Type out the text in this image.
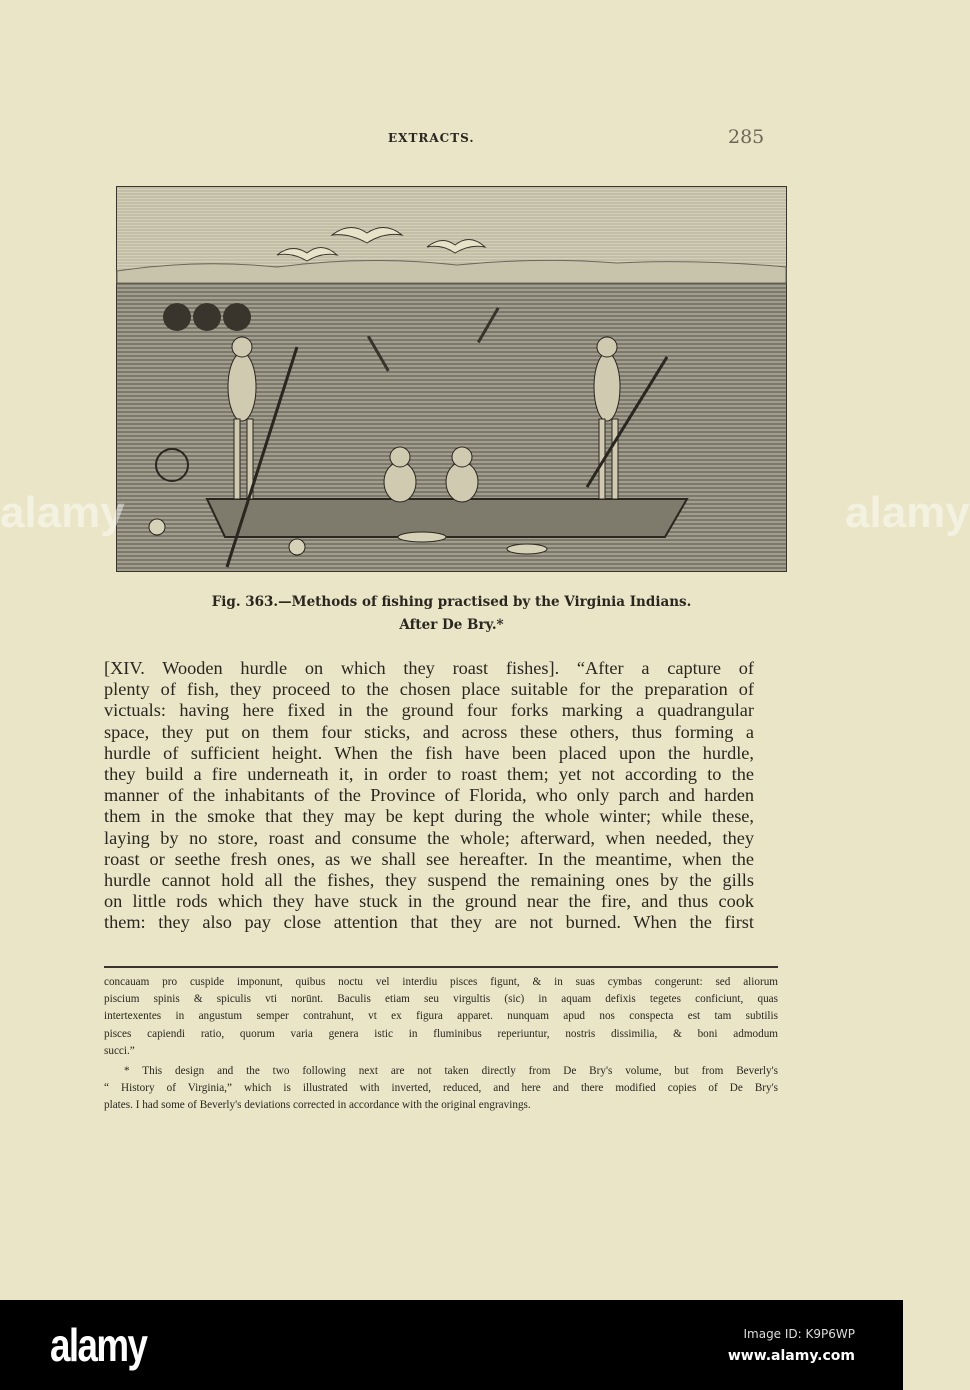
EXTRACTS.	285
Fig. 363.—Methods of fishing practised by the Virginia Indians.
After De Bry.*
[XIV. Wooden hurdle on which they roast fishes]. “After a capture of
plenty of fish, they proceed to the chosen place suitable for the preparation of
victuals: having here fixed in the ground four forks marking a quadrangular
space, they put on them four sticks, and across these others, thus forming a
hurdle of sufficient height. When the fish have been placed upon the hurdle,
they build a fire underneath it, in order to roast them; yet not according to the
manner of the inhabitants of the Province of Florida, who only parch and harden
them in the smoke that they may be kept during the whole winter; while these,
laying by no store, roast and consume the whole; afterward, when needed, they
roast or seethe fresh ones, as we shall see hereafter. In the meantime, when the
hurdle cannot hold all the fishes, they suspend the remaining ones by the gills
on little rods which they have stuck in the ground near the fire, and thus cook
them: they also pay close attention that they are not burned. When the first
concauam pro cuspide imponunt, quibus noctu vel interdiu pisces figunt, & in suas cymbas congerunt: sed aliorum
piscium spinis & spiculis vti norūnt. Baculis etiam seu virgultis (sic) in aquam defixis tegetes conficiunt, quas
intertexentes in angustum semper contrahunt, vt ex figura apparet. nunquam apud nos conspecta est tam subtilis
pisces capiendi ratio, quorum varia genera istic in fluminibus reperiuntur, nostris dissimilia, & boni admodum
succi.”
* This design and the two following next are not taken directly from De Bry's volume, but from Beverly's
“ History of Virginia,” which is illustrated with inverted, reduced, and here and there modified copies of De Bry's
plates. I had some of Beverly's deviations corrected in accordance with the original engravings.
alamy	alamy
alamy	Image ID: K9P6WP
www.alamy.com
